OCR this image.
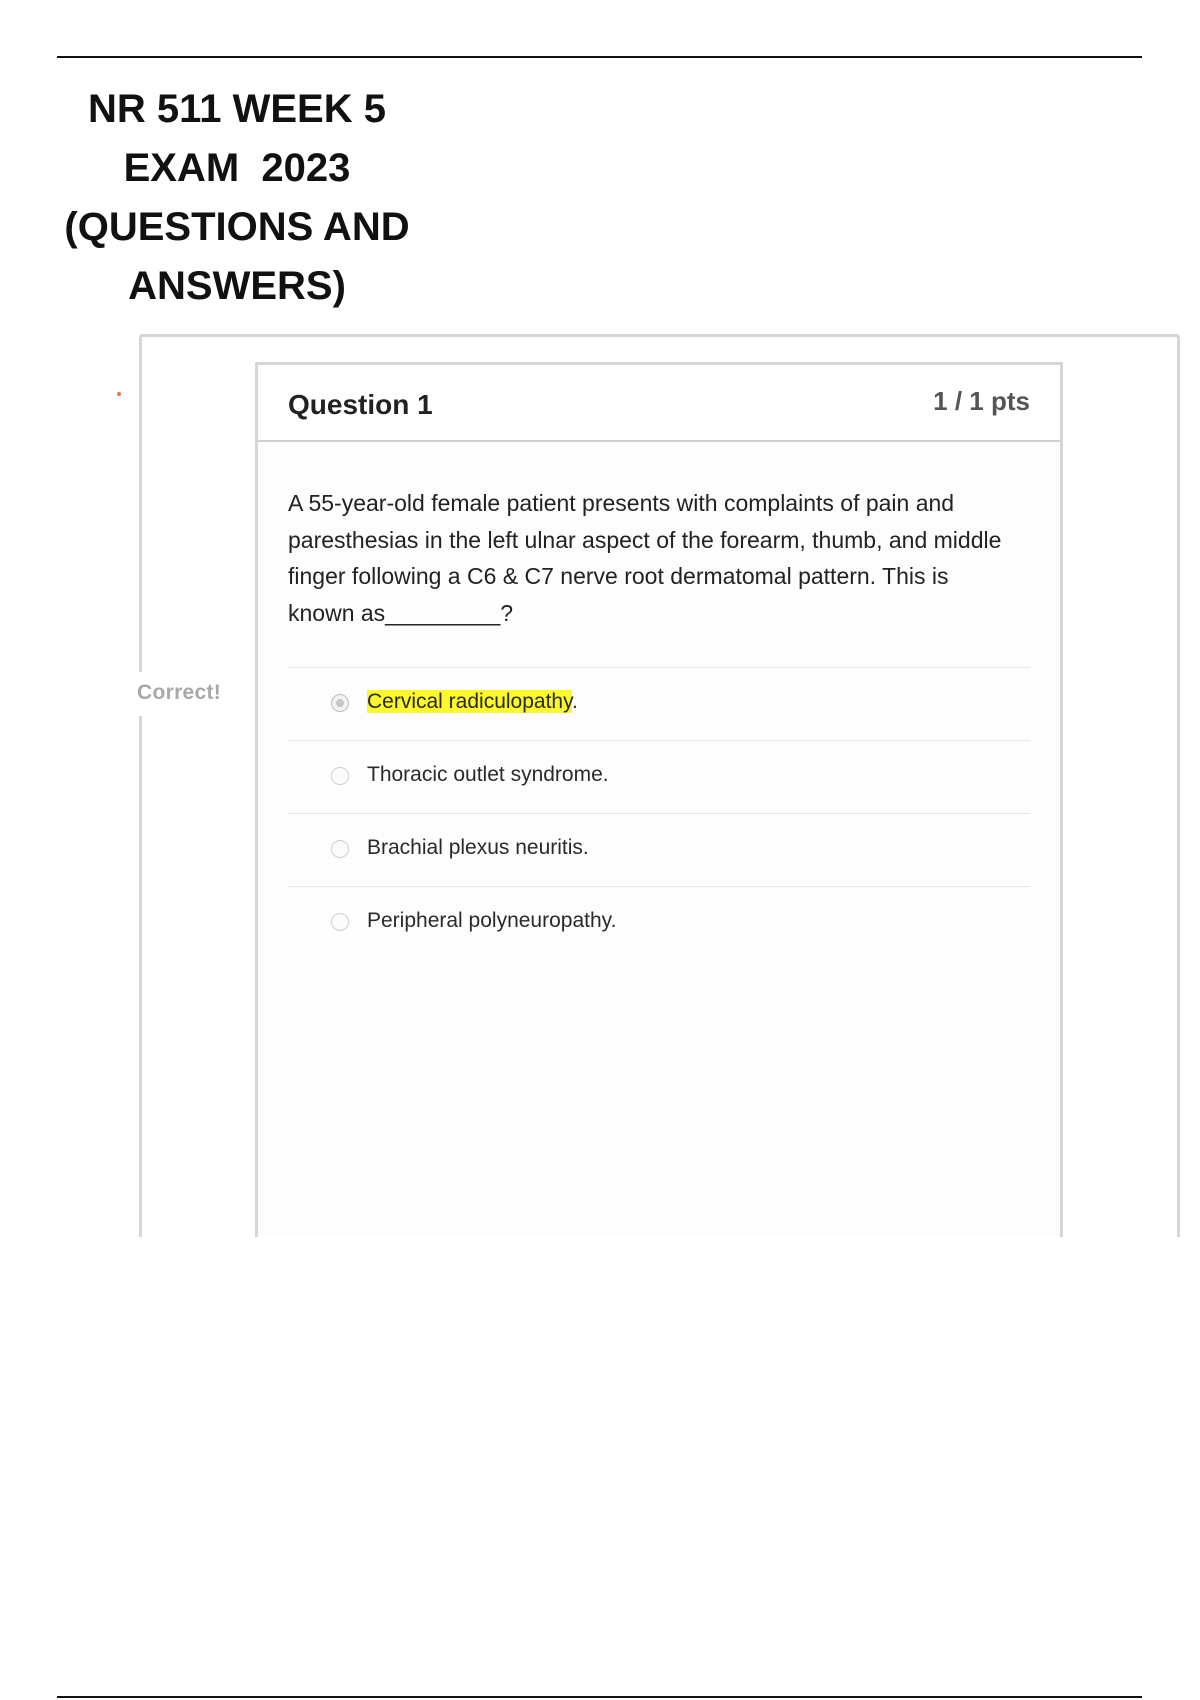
NR 511 WEEK 5
EXAM  2023
(QUESTIONS AND
ANSWERS)
Correct!
Question 1	1 / 1 pts
A 55-year-old female patient presents with complaints of pain and paresthesias in the left ulnar aspect of the forearm, thumb, and middle finger following a C6 & C7 nerve root dermatomal pattern. This is known as_________?
Cervical radiculopathy.
Thoracic outlet syndrome.
Brachial plexus neuritis.
Peripheral polyneuropathy.
